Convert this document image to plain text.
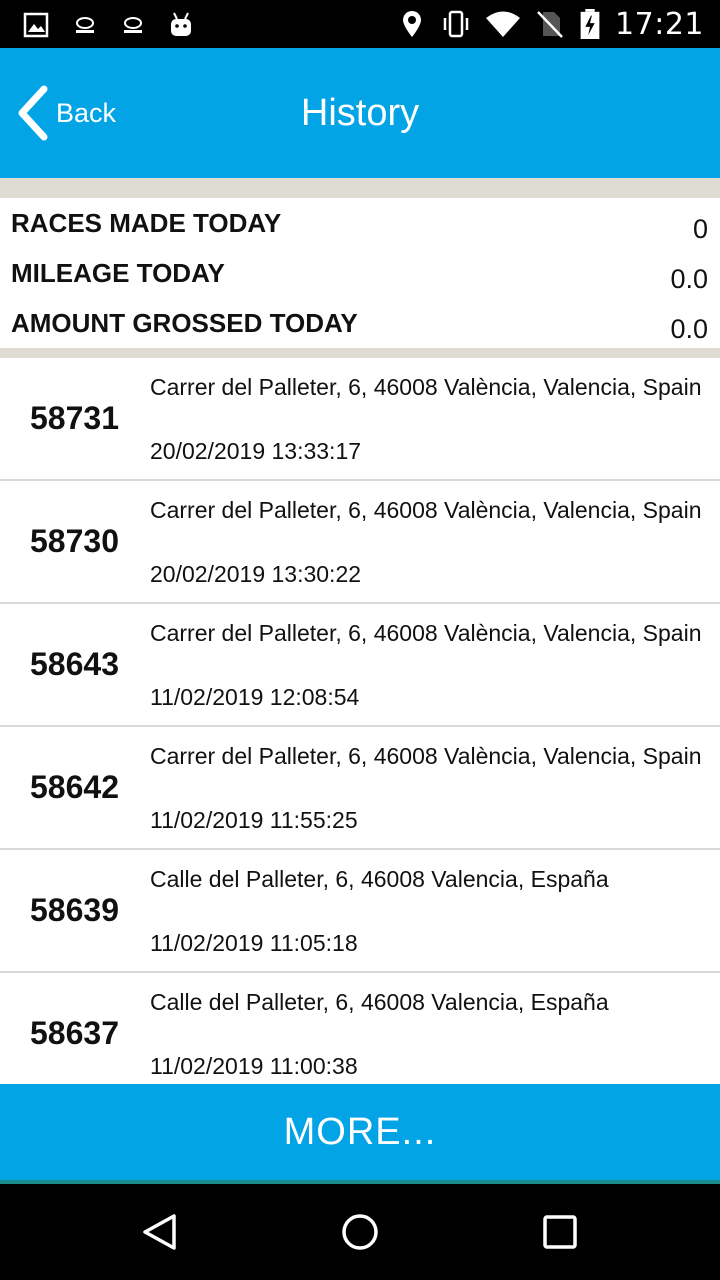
17:21
Back	History
RACES MADE TODAY	0
MILEAGE TODAY	0.0
AMOUNT GROSSED TODAY	0.0
58731
Carrer del Palleter, 6, 46008 València, Valencia, Spain
20/02/2019 13:33:17
58730
Carrer del Palleter, 6, 46008 València, Valencia, Spain
20/02/2019 13:30:22
58643
Carrer del Palleter, 6, 46008 València, Valencia, Spain
11/02/2019 12:08:54
58642
Carrer del Palleter, 6, 46008 València, Valencia, Spain
11/02/2019 11:55:25
58639
Calle del Palleter, 6, 46008 Valencia, España
11/02/2019 11:05:18
58637
Calle del Palleter, 6, 46008 Valencia, España
11/02/2019 11:00:38
MORE...
